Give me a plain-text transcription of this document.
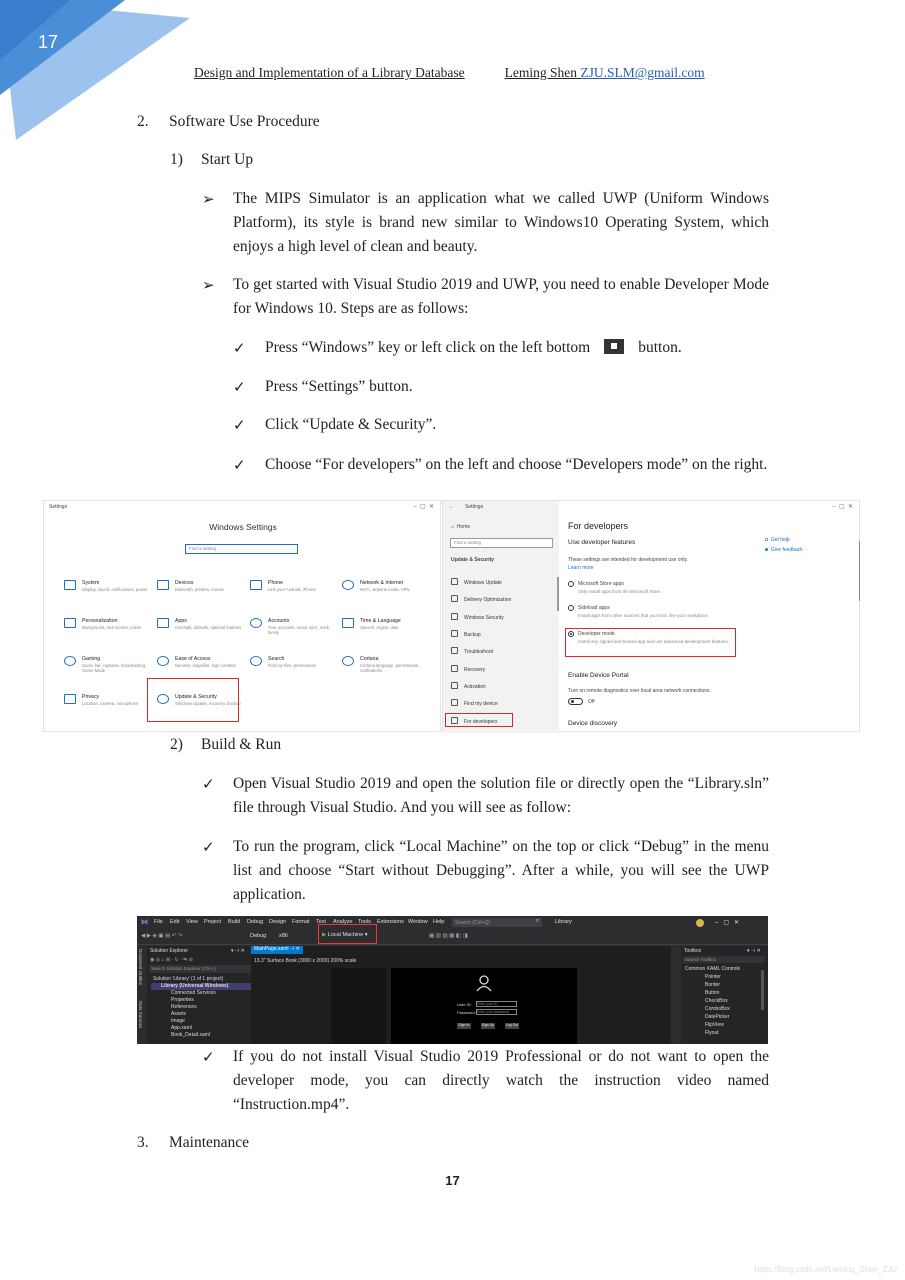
17
Design and Implementation of a Library Database	Leming Shen ZJU.SLM@gmail.com
2. Software Use Procedure
1) Start Up
➢ The MIPS Simulator is an application what we called UWP (Uniform Windows Platform), its style is brand new similar to Windows10 Operating System, which enjoys a high level of clean and beauty.
➢ To get started with Visual Studio 2019 and UWP, you need to enable Developer Mode for Windows 10. Steps are as follows:
✓ Press “Windows” key or left click on the left bottom	button.
✓ Press “Settings” button.
✓ Click “Update & Security”.
✓ Choose “For developers” on the left and choose “Developers mode” on the right.
Settings	–  ▢  ✕
Windows Settings
Find a setting
System
Display, sound, notifications, power
Devices
Bluetooth, printers, mouse
Phone
Link your Android, iPhone
Network & Internet
Wi-Fi, airplane mode, VPN
Personalization
Background, lock screen, colors
Apps
Uninstall, defaults, optional features
Accounts
Your accounts, email, sync, work, family
Time & Language
Speech, region, date
Gaming
Game bar, captures, broadcasting, Game Mode
Ease of Access
Narrator, magnifier, high contrast
Search
Find my files, permissions
Cortana
Cortana language, permissions, notifications
Privacy
Location, camera, microphone
Update & Security
Windows Update, recovery, backup
← Settings	–  ▢  ✕
⌂ Home
Find a setting
Update & Security
Windows Update
Delivery Optimization
Windows Security
Backup
Troubleshoot
Recovery
Activation
Find my device
For developers
For developers
Use developer features
These settings are intended for development use only.
Learn more
Microsoft Store apps
Only install apps from the Microsoft Store.
Sideload apps
Install apps from other sources that you trust, like your workplace.
Developer mode
Install any signed and trusted app and use advanced development features.
Enable Device Portal
Turn on remote diagnostics over local area network connections.
Off
Device discovery
◘ Get help
◙ Give feedback
2) Build & Run
✓ Open Visual Studio 2019 and open the solution file or directly open the “Library.sln” file through Visual Studio. And you will see as follow:
✓ To run the program, click “Local Machine” on the top or click “Debug” in the menu list and choose “Start without Debugging”. After a while, you will see the UWP application.
⋈ File Edit View Project Build Debug Design Format Test Analyze Tools Extensions Window Help Search (Ctrl+Q)	⌕	Library	–   ▢   ✕
◀ ▶ ◈ ▣ ▤ ↶ ↷	Debug x86	▶ Local Machine ▾	▦ ▧ ▨ ▩ ◧ ◨
Document Outline
Data Sources
Solution Explorer	▾ ⊣ ✕
◉ ◎ ⌂ ⊞ · ↻ · ⇆ ⊘
Search Solution Explorer (Ctrl+;)
Solution 'Library' (1 of 1 project)
Library (Universal Windows)
Connected Services
Properties
References
Assets
Image
App.xaml
Book_Detail.xaml
MainPage.xaml ⊣ ✕
13.3" Surface Book (3000 x 2000) 200% scale
User ID: Enter your ID
Password: Enter your password
Sign In	Sign Up	Log Out
Toolbox	▾ ⊣ ✕
Search Toolbox
Common XAML Controls
Pointer
Border
Button
CheckBox
ComboBox
DatePicker
FlipView
Flyout
✓ If you do not install Visual Studio 2019 Professional or do not want to open the developer mode, you can directly watch the instruction video named “Instruction.mp4”.
3. Maintenance
17
https://blog.csdn.net/Leming_Shen_ZJU
